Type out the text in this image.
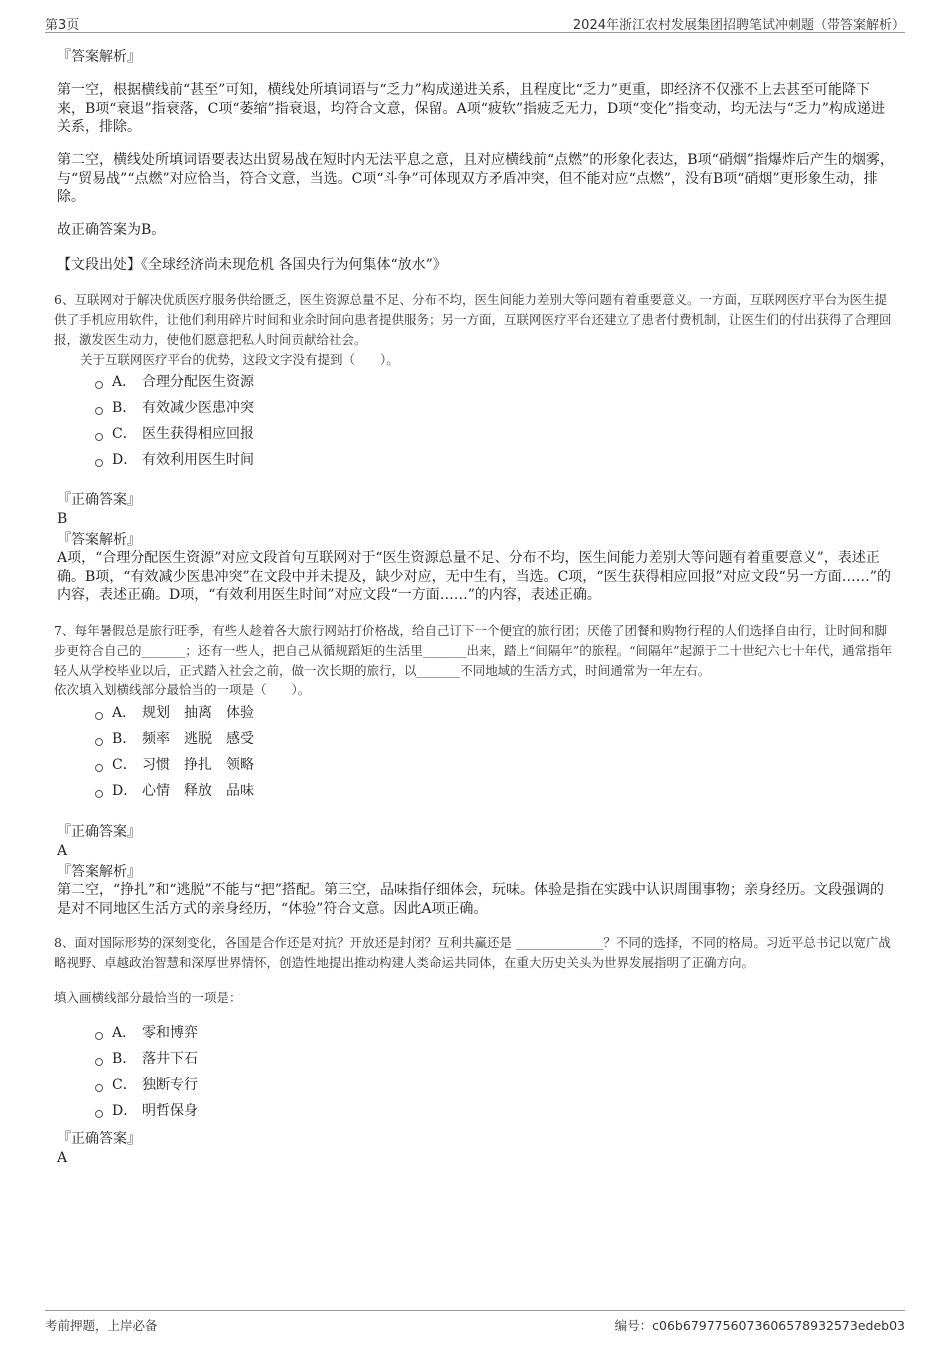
第3页	2024年浙江农村发展集团招聘笔试冲刺题（带答案解析）
『答案解析』
第一空，根据横线前“甚至”可知，横线处所填词语与“乏力”构成递进关系，且程度比“乏力”更重，即经济不仅涨不上去甚至可能降下来，B项“衰退”指衰落，C项“萎缩”指衰退，均符合文意，保留。A项“疲软”指疲乏无力，D项“变化”指变动，均无法与“乏力”构成递进关系，排除。
第二空，横线处所填词语要表达出贸易战在短时内无法平息之意，且对应横线前“点燃”的形象化表达，B项“硝烟”指爆炸后产生的烟雾，与“贸易战”“点燃”对应恰当，符合文意，当选。C项“斗争”可体现双方矛盾冲突，但不能对应“点燃”，没有B项“硝烟”更形象生动，排除。
故正确答案为B。
【文段出处】《全球经济尚未现危机 各国央行为何集体“放水”》
6、互联网对于解决优质医疗服务供给匮乏，医生资源总量不足、分布不均，医生间能力差别大等问题有着重要意义。一方面，互联网医疗平台为医生提供了手机应用软件，让他们利用碎片时间和业余时间向患者提供服务；另一方面，互联网医疗平台还建立了患者付费机制，让医生们的付出获得了合理回报，激发医生动力，使他们愿意把私人时间贡献给社会。
关于互联网医疗平台的优势，这段文字没有提到（　　）。
A． 合理分配医生资源
B． 有效减少医患冲突
C． 医生获得相应回报
D． 有效利用医生时间
『正确答案』
B
『答案解析』
A项，“合理分配医生资源”对应文段首句互联网对于“医生资源总量不足、分布不均，医生间能力差别大等问题有着重要意义”，表述正确。B项，“有效减少医患冲突”在文段中并未提及，缺少对应，无中生有，当选。C项，“医生获得相应回报”对应文段“另一方面……”的内容，表述正确。D项，“有效利用医生时间”对应文段“一方面……”的内容，表述正确。
7、每年暑假总是旅行旺季，有些人趁着各大旅行网站打价格战，给自己订下一个便宜的旅行团；厌倦了团餐和购物行程的人们选择自由行，让时间和脚步更符合自己的_______；还有一些人，把自己从循规蹈矩的生活里_______出来，踏上“间隔年”的旅程。“间隔年”起源于二十世纪六七十年代，通常指年轻人从学校毕业以后，正式踏入社会之前，做一次长期的旅行，以_______不同地域的生活方式，时间通常为一年左右。
依次填入划横线部分最恰当的一项是（　　）。
A． 规划　抽离　体验
B． 频率　逃脱　感受
C． 习惯　挣扎　领略
D． 心情　释放　品味
『正确答案』
A
『答案解析』
第二空，“挣扎”和“逃脱”不能与“把”搭配。第三空，品味指仔细体会，玩味。体验是指在实践中认识周围事物；亲身经历。文段强调的是对不同地区生活方式的亲身经历，“体验”符合文意。因此A项正确。
8、面对国际形势的深刻变化，各国是合作还是对抗？开放还是封闭？互利共赢还是 ______________？不同的选择，不同的格局。习近平总书记以宽广战略视野、卓越政治智慧和深厚世界情怀，创造性地提出推动构建人类命运共同体，在重大历史关头为世界发展指明了正确方向。
填入画横线部分最恰当的一项是：
A． 零和博弈
B． 落井下石
C． 独断专行
D． 明哲保身
『正确答案』
A
考前押题，上岸必备	编号：c06b67977560736065789325​73edeb03
